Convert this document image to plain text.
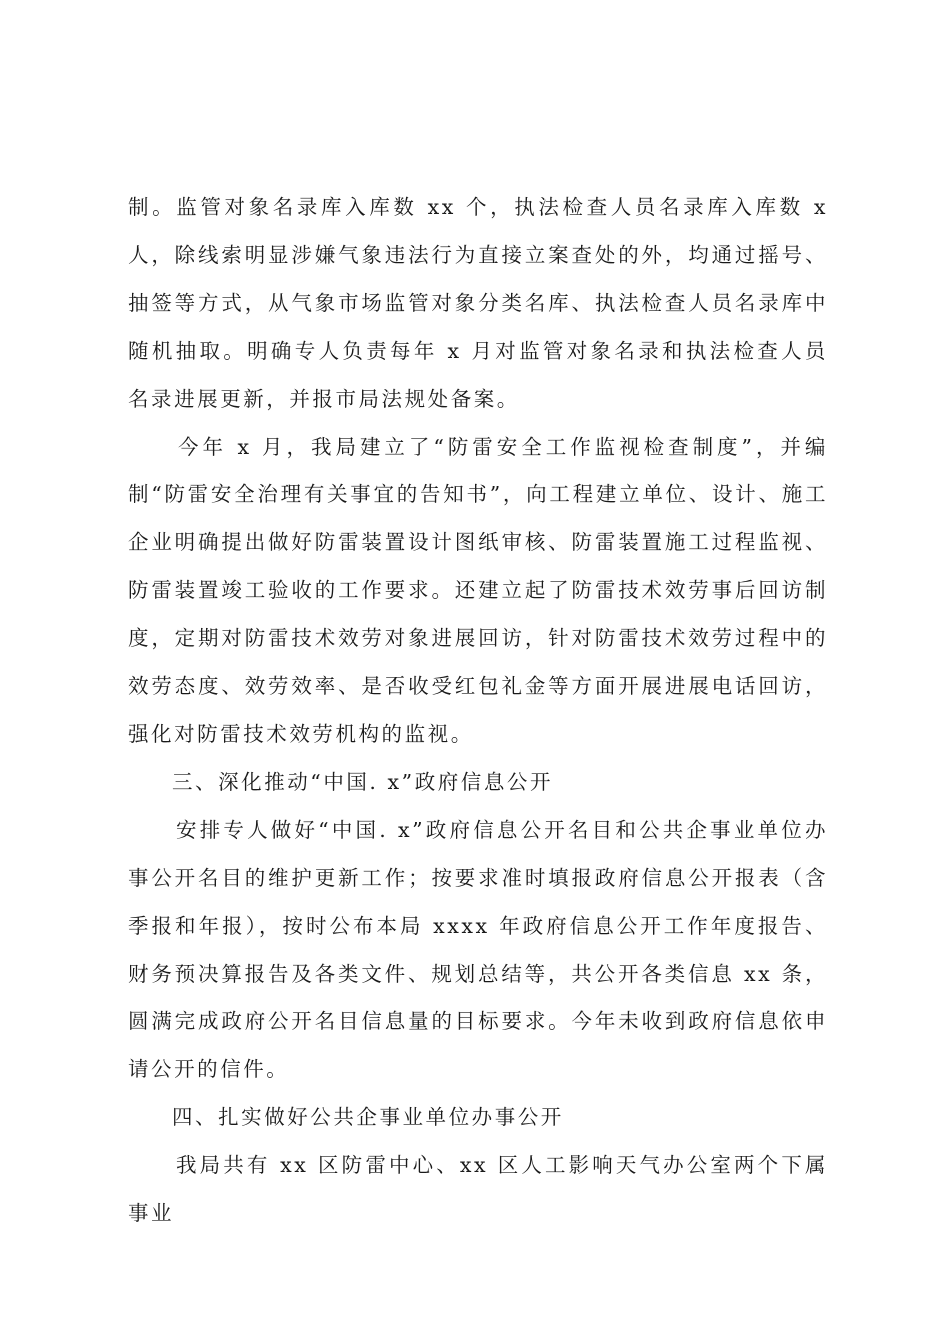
制。监管对象名录库入库数 xx 个，执法检查人员名录库入库数 x 人，除线索明显涉嫌气象违法行为直接立案查处的外，均通过摇号、抽签等方式，从气象市场监管对象分类名库、执法检查人员名录库中随机抽取。明确专人负责每年 x 月对监管对象名录和执法检查人员名录进展更新，并报市局法规处备案。

今年 x 月，我局建立了“防雷安全工作监视检查制度”，并编制“防雷安全治理有关事宜的告知书”，向工程建立单位、设计、施工企业明确提出做好防雷装置设计图纸审核、防雷装置施工过程监视、防雷装置竣工验收的工作要求。还建立起了防雷技术效劳事后回访制度，定期对防雷技术效劳对象进展回访，针对防雷技术效劳过程中的效劳态度、效劳效率、是否收受红包礼金等方面开展进展电话回访，强化对防雷技术效劳机构的监视。

三、深化推动“中国. x”政府信息公开

安排专人做好“中国. x”政府信息公开名目和公共企事业单位办事公开名目的维护更新工作；按要求准时填报政府信息公开报表（含季报和年报），按时公布本局 xxxx 年政府信息公开工作年度报告、财务预决算报告及各类文件、规划总结等，共公开各类信息 xx 条，圆满完成政府公开名目信息量的目标要求。今年未收到政府信息依申请公开的信件。

四、扎实做好公共企事业单位办事公开

我局共有 xx 区防雷中心、xx 区人工影响天气办公室两个下属事业
